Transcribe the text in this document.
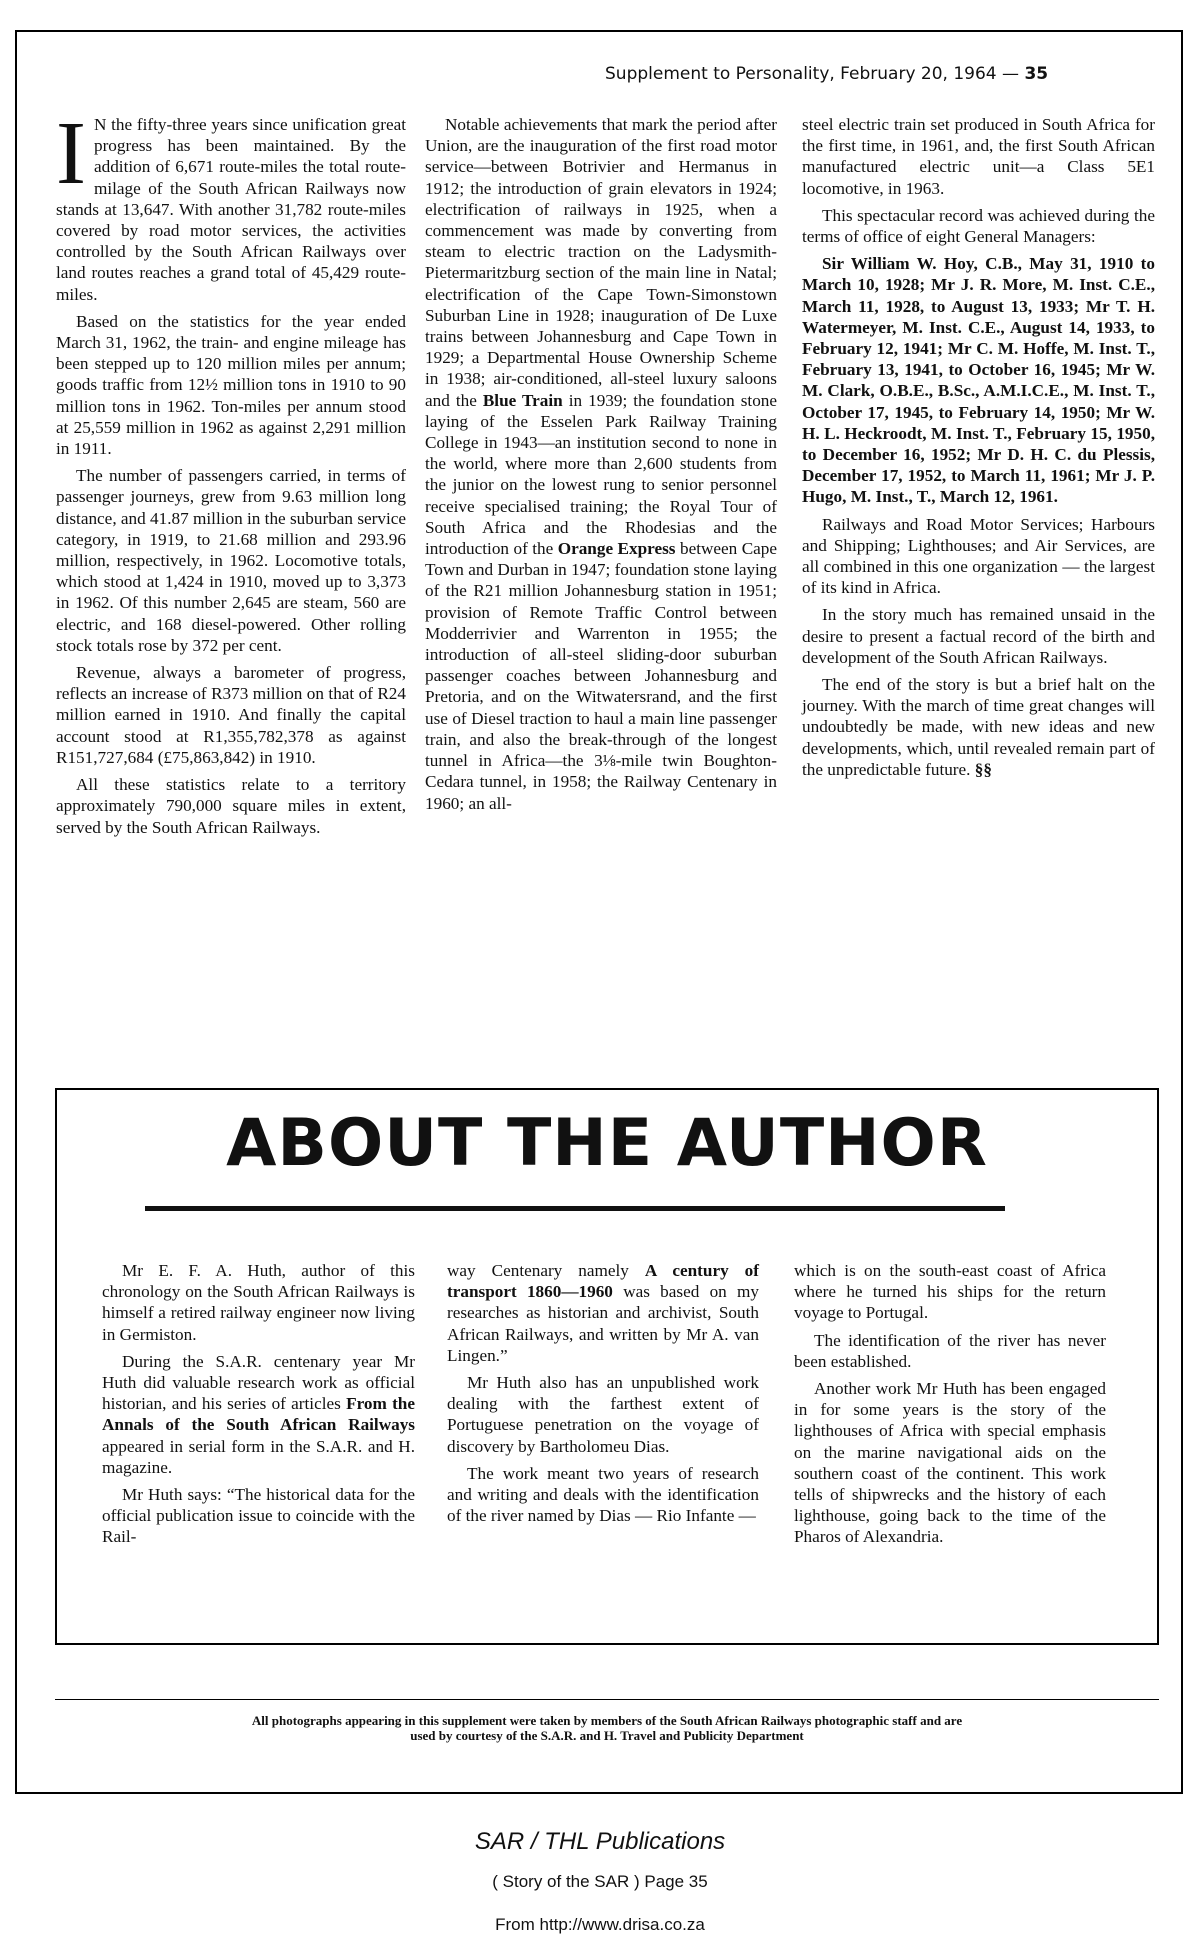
Supplement to Personality, February 20, 1964 — 35

I N the fifty-three years since unification great progress has been maintained. By the addition of 6,671 route-miles the total route-milage of the South African Railways now stands at 13,647. With another 31,782 route-miles covered by road motor services, the activities controlled by the South African Railways over land routes reaches a grand total of 45,429 route-miles.

Based on the statistics for the year ended March 31, 1962, the train- and engine mileage has been stepped up to 120 million miles per annum; goods traffic from 12½ million tons in 1910 to 90 million tons in 1962. Ton-miles per annum stood at 25,559 million in 1962 as against 2,291 million in 1911.

The number of passengers carried, in terms of passenger journeys, grew from 9.63 million long distance, and 41.87 million in the suburban service category, in 1919, to 21.68 million and 293.96 million, respectively, in 1962. Locomotive totals, which stood at 1,424 in 1910, moved up to 3,373 in 1962. Of this number 2,645 are steam, 560 are electric, and 168 diesel-powered. Other rolling stock totals rose by 372 per cent.

Revenue, always a barometer of progress, reflects an increase of R373 million on that of R24 million earned in 1910. And finally the capital account stood at R1,355,782,378 as against R151,727,684 (£75,863,842) in 1910.

All these statistics relate to a territory approximately 790,000 square miles in extent, served by the South African Railways.

Notable achievements that mark the period after Union, are the inauguration of the first road motor service—between Botrivier and Hermanus in 1912; the introduction of grain elevators in 1924; electrification of railways in 1925, when a commencement was made by converting from steam to electric traction on the Ladysmith-Pietermaritzburg section of the main line in Natal; electrification of the Cape Town-Simonstown Suburban Line in 1928; inauguration of De Luxe trains between Johannesburg and Cape Town in 1929; a Departmental House Ownership Scheme in 1938; air-conditioned, all-steel luxury saloons and the Blue Train in 1939; the foundation stone laying of the Esselen Park Railway Training College in 1943—an institution second to none in the world, where more than 2,600 students from the junior on the lowest rung to senior personnel receive specialised training; the Royal Tour of South Africa and the Rhodesias and the introduction of the Orange Express between Cape Town and Durban in 1947; foundation stone laying of the R21 million Johannesburg station in 1951; provision of Remote Traffic Control between Modderrivier and Warrenton in 1955; the introduction of all-steel sliding-door suburban passenger coaches between Johannesburg and Pretoria, and on the Witwatersrand, and the first use of Diesel traction to haul a main line passenger train, and also the break-through of the longest tunnel in Africa—the 3⅛-mile twin Boughton-Cedara tunnel, in 1958; the Railway Centenary in 1960; an all-

steel electric train set produced in South Africa for the first time, in 1961, and, the first South African manufactured electric unit—a Class 5E1 locomotive, in 1963.

This spectacular record was achieved during the terms of office of eight General Managers:

Sir William W. Hoy, C.B., May 31, 1910 to March 10, 1928; Mr J. R. More, M. Inst. C.E., March 11, 1928, to August 13, 1933; Mr T. H. Watermeyer, M. Inst. C.E., August 14, 1933, to February 12, 1941; Mr C. M. Hoffe, M. Inst. T., February 13, 1941, to October 16, 1945; Mr W. M. Clark, O.B.E., B.Sc., A.M.I.C.E., M. Inst. T., October 17, 1945, to February 14, 1950; Mr W. H. L. Heckroodt, M. Inst. T., February 15, 1950, to December 16, 1952; Mr D. H. C. du Plessis, December 17, 1952, to March 11, 1961; Mr J. P. Hugo, M. Inst., T., March 12, 1961.

Railways and Road Motor Services; Harbours and Shipping; Lighthouses; and Air Services, are all combined in this one organization — the largest of its kind in Africa.

In the story much has remained unsaid in the desire to present a factual record of the birth and development of the South African Railways.

The end of the story is but a brief halt on the journey. With the march of time great changes will undoubtedly be made, with new ideas and new developments, which, until revealed remain part of the unpredictable future. §§

ABOUT THE AUTHOR

Mr E. F. A. Huth, author of this chronology on the South African Railways is himself a retired railway engineer now living in Germiston.

During the S.A.R. centenary year Mr Huth did valuable research work as official historian, and his series of articles From the Annals of the South African Railways appeared in serial form in the S.A.R. and H. magazine.

Mr Huth says: “The historical data for the official publication issue to coincide with the Rail-

way Centenary namely A century of transport 1860—1960 was based on my researches as historian and archivist, South African Railways, and written by Mr A. van Lingen.”

Mr Huth also has an unpublished work dealing with the farthest extent of Portuguese penetration on the voyage of discovery by Bartholomeu Dias.

The work meant two years of research and writing and deals with the identification of the river named by Dias — Rio Infante —

which is on the south-east coast of Africa where he turned his ships for the return voyage to Portugal.

The identification of the river has never been established.

Another work Mr Huth has been engaged in for some years is the story of the lighthouses of Africa with special emphasis on the marine navigational aids on the southern coast of the continent. This work tells of shipwrecks and the history of each lighthouse, going back to the time of the Pharos of Alexandria.

All photographs appearing in this supplement were taken by members of the South African Railways photographic staff and are
used by courtesy of the S.A.R. and H. Travel and Publicity Department
SAR / THL Publications
( Story of the SAR ) Page 35
From http://www.drisa.co.za
